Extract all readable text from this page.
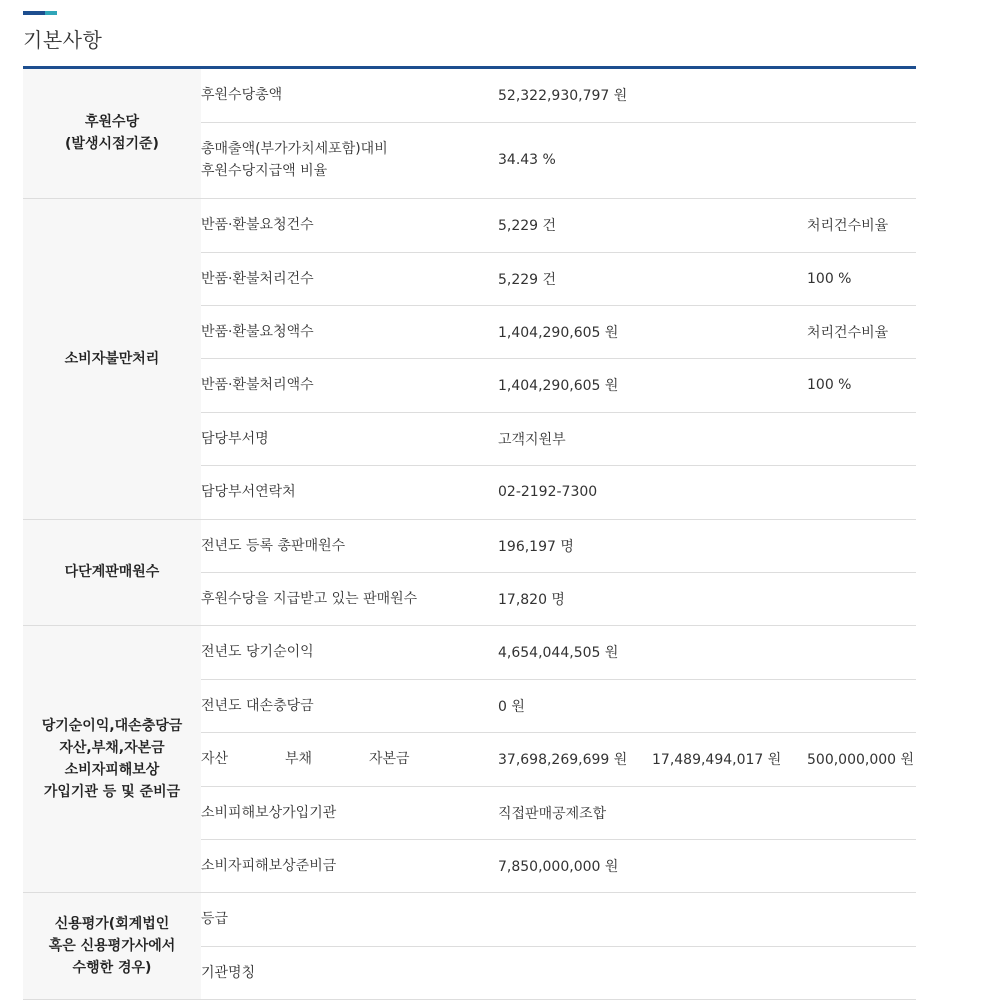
기본사항
후원수당
(발생시점기준)	후원수당총액	52,322,930,797 원		

	총매출액(부가가치세포함)대비
후원수당지급액 비율	34.43 %		

소비자불만처리	반품·환불요청건수	5,229 건		처리건수비율
	반품·환불처리건수	5,229 건		100 %
	반품·환불요청액수	1,404,290,605 원		처리건수비율
	반품·환불처리액수	1,404,290,605 원		100 %
	담당부서명	고객지원부		
	담당부서연락처	02-2192-7300		

다단계판매원수	전년도 등록 총판매원수	196,197 명		
	후원수당을 지급받고 있는 판매원수	17,820 명		

당기순이익,대손충당금
자산,부채,자본금
소비자피해보상
가입기관 등 및 준비금	전년도 당기순이익	4,654,044,505 원		
	전년도 대손충당금	0 원		

	자산 부채 자본금	37,698,269,699 원	17,489,494,017 원	500,000,000 원
	소비피해보상가입기관	직접판매공제조합		
	소비자피해보상준비금	7,850,000,000 원		

신용평가(회계법인
혹은 신용평가사에서
수행한 경우)	등급			
	기관명칭			
